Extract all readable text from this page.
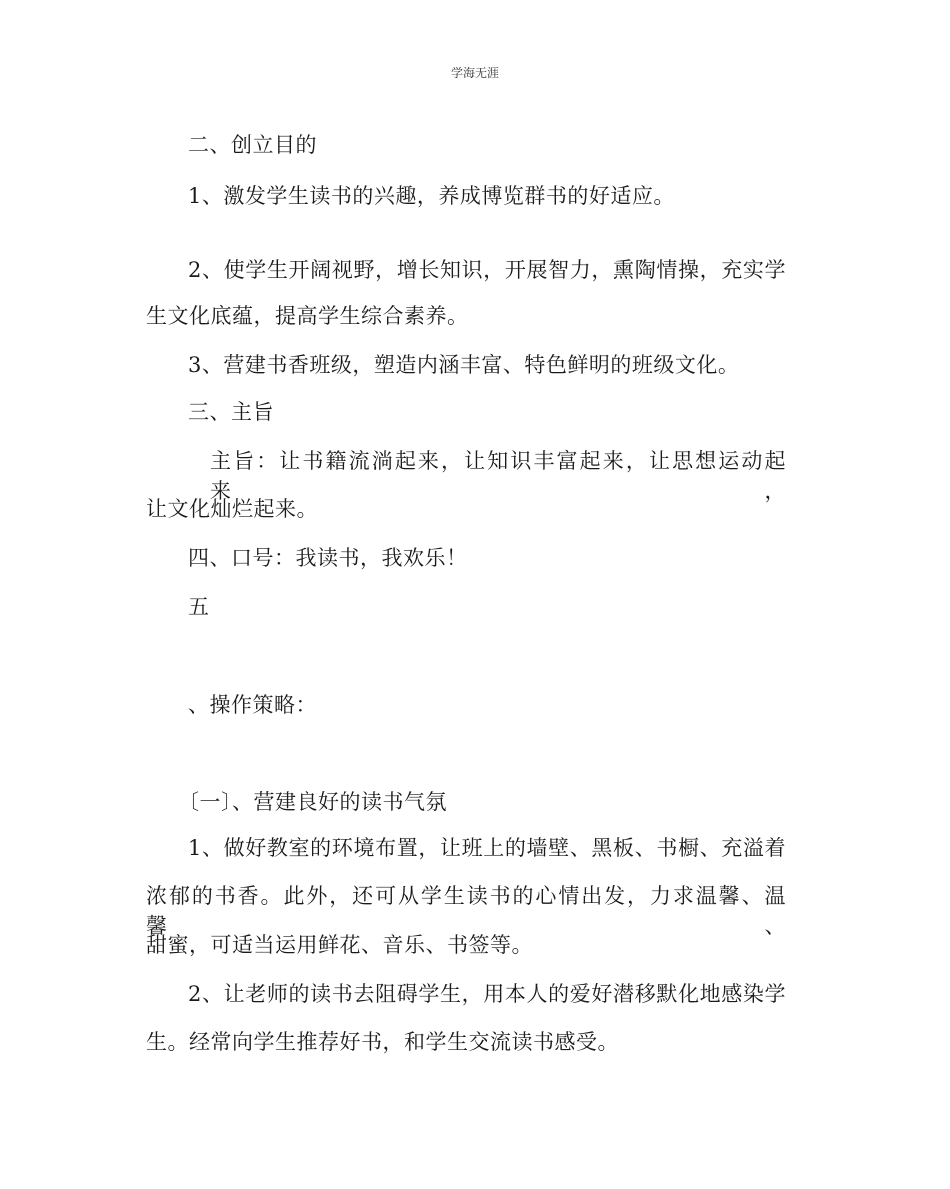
学海无涯
二、创立目的
1、激发学生读书的兴趣，养成博览群书的好适应。
2、使学生开阔视野，增长知识，开展智力，熏陶情操，充实学
生文化底蕴，提高学生综合素养。
3、营建书香班级，塑造内涵丰富、特色鲜明的班级文化。
三、主旨
主旨：让书籍流淌起来，让知识丰富起来，让思想运动起来，
让文化灿烂起来。
四、口号：我读书，我欢乐！
五
、操作策略：
〔一〕、营建良好的读书气氛
1、做好教室的环境布置，让班上的墙壁、黑板、书橱、充溢着
浓郁的书香。此外，还可从学生读书的心情出发，力求温馨、温馨、
甜蜜，可适当运用鲜花、音乐、书签等。
2、让老师的读书去阻碍学生，用本人的爱好潜移默化地感染学
生。经常向学生推荐好书，和学生交流读书感受。
